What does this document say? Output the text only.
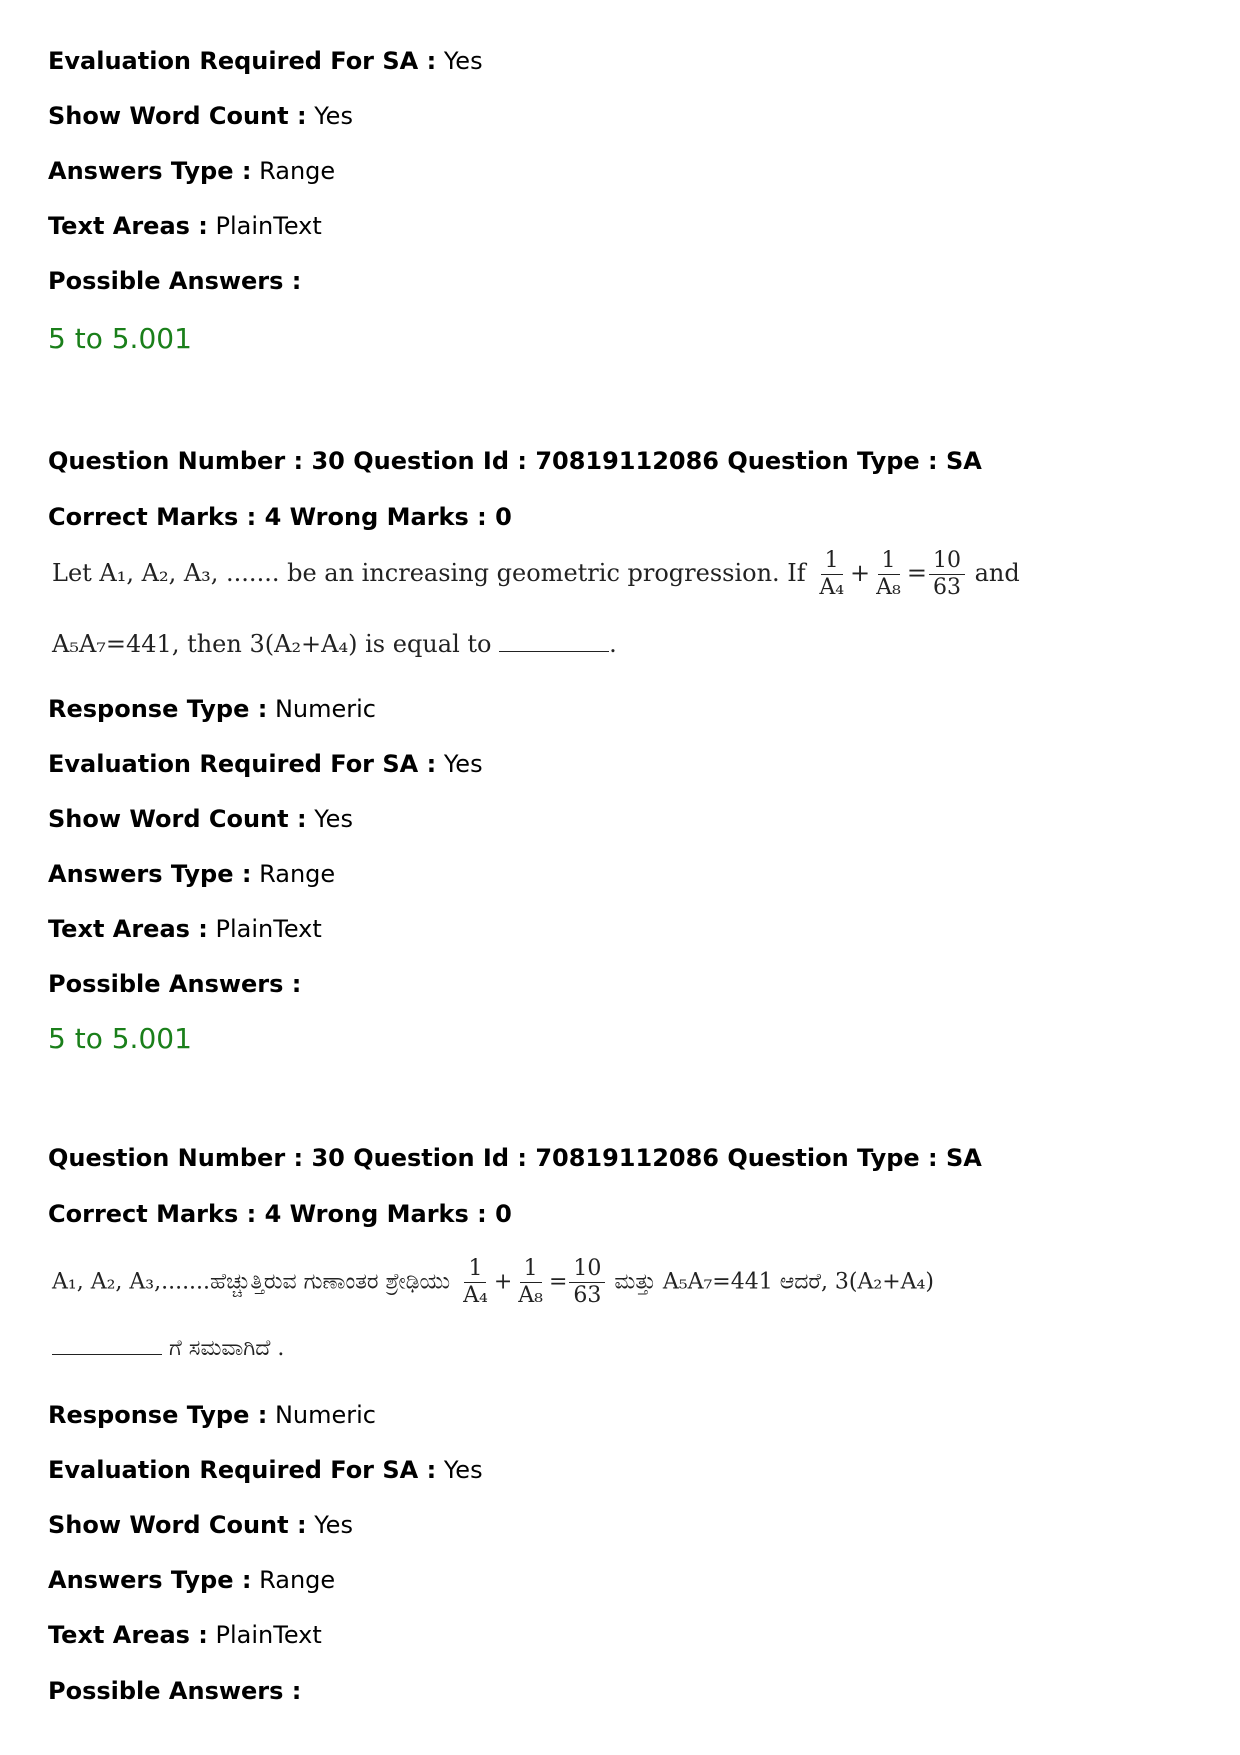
Evaluation Required For SA : Yes
Show Word Count : Yes
Answers Type : Range
Text Areas : PlainText
Possible Answers :
5 to 5.001
Question Number : 30 Question Id : 70819112086 Question Type : SA
Correct Marks : 4 Wrong Marks : 0
Let A₁, A₂, A₃, ....... be an increasing geometric progression. If $\frac{1}{\text{A₄}} + \frac{1}{\text{A₈}} = \frac{10}{63}$ and
A₅A₇=441, then 3(A₂+A₄) is equal to	.
Response Type : Numeric
Evaluation Required For SA : Yes
Show Word Count : Yes
Answers Type : Range
Text Areas : PlainText
Possible Answers :
5 to 5.001
Question Number : 30 Question Id : 70819112086 Question Type : SA
Correct Marks : 4 Wrong Marks : 0
A₁, A₂, A₃,.......ಹೆಚ್ಚುತ್ತಿರುವ ಗುಣಾಂತರ ಶ್ರೇಢಿಯು $\frac{1}{\text{A₄}} + \frac{1}{\text{A₈}} = \frac{10}{63}$ ಮತ್ತು A₅A₇=441 ಆದರೆ, 3(A₂+A₄)
ಗೆ ಸಮವಾಗಿದೆ .
Response Type : Numeric
Evaluation Required For SA : Yes
Show Word Count : Yes
Answers Type : Range
Text Areas : PlainText
Possible Answers :
